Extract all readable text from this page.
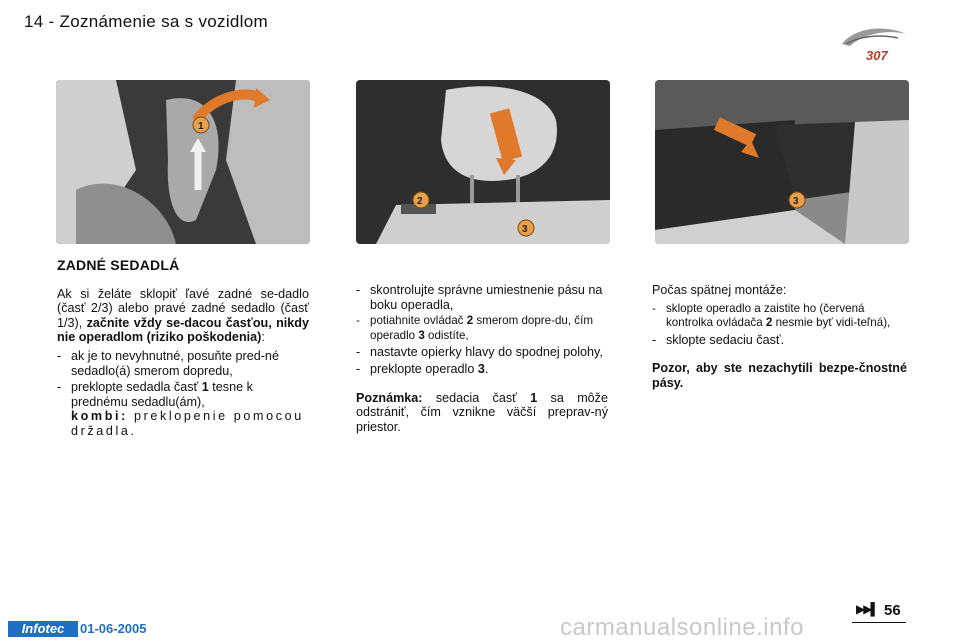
14 - Zoznámenie sa s vozidlom
307
1
2
3
3
ZADNÉ SEDADLÁ

Ak si želáte sklopiť ľavé zadné se-dadlo (časť 2/3) alebo pravé zadné sedadlo (časť 1/3), začnite vždy se-dacou časťou, nikdy nie operadlom (riziko poškodenia):

- ak je to nevyhnutné, posuňte pred-né sedadlo(á) smerom dopredu,
- preklopte sedadla časť 1 tesne k prednému sedadlu(ám),
kombi: preklopenie pomocou držadla.
- skontrolujte správne umiestnenie pásu na boku operadla,
- potiahnite ovládač 2 smerom dopre-du, čím operadlo 3 odistíte,
- nastavte opierky hlavy do spodnej polohy,
- preklopte operadlo 3.

Poznámka: sedacia časť 1 sa môže odstrániť, čím vznikne väčší preprav-ný priestor.

Počas spätnej montáže:

- sklopte operadlo a zaistite ho (červená kontrolka ovládača 2 nesmie byť vidi-teľná),
- sklopte sedaciu časť.

Pozor, aby ste nezachytili bezpe-čnostné pásy.

▶▶▌ 56
Infotec	01-06-2005	carmanualsonline.info
